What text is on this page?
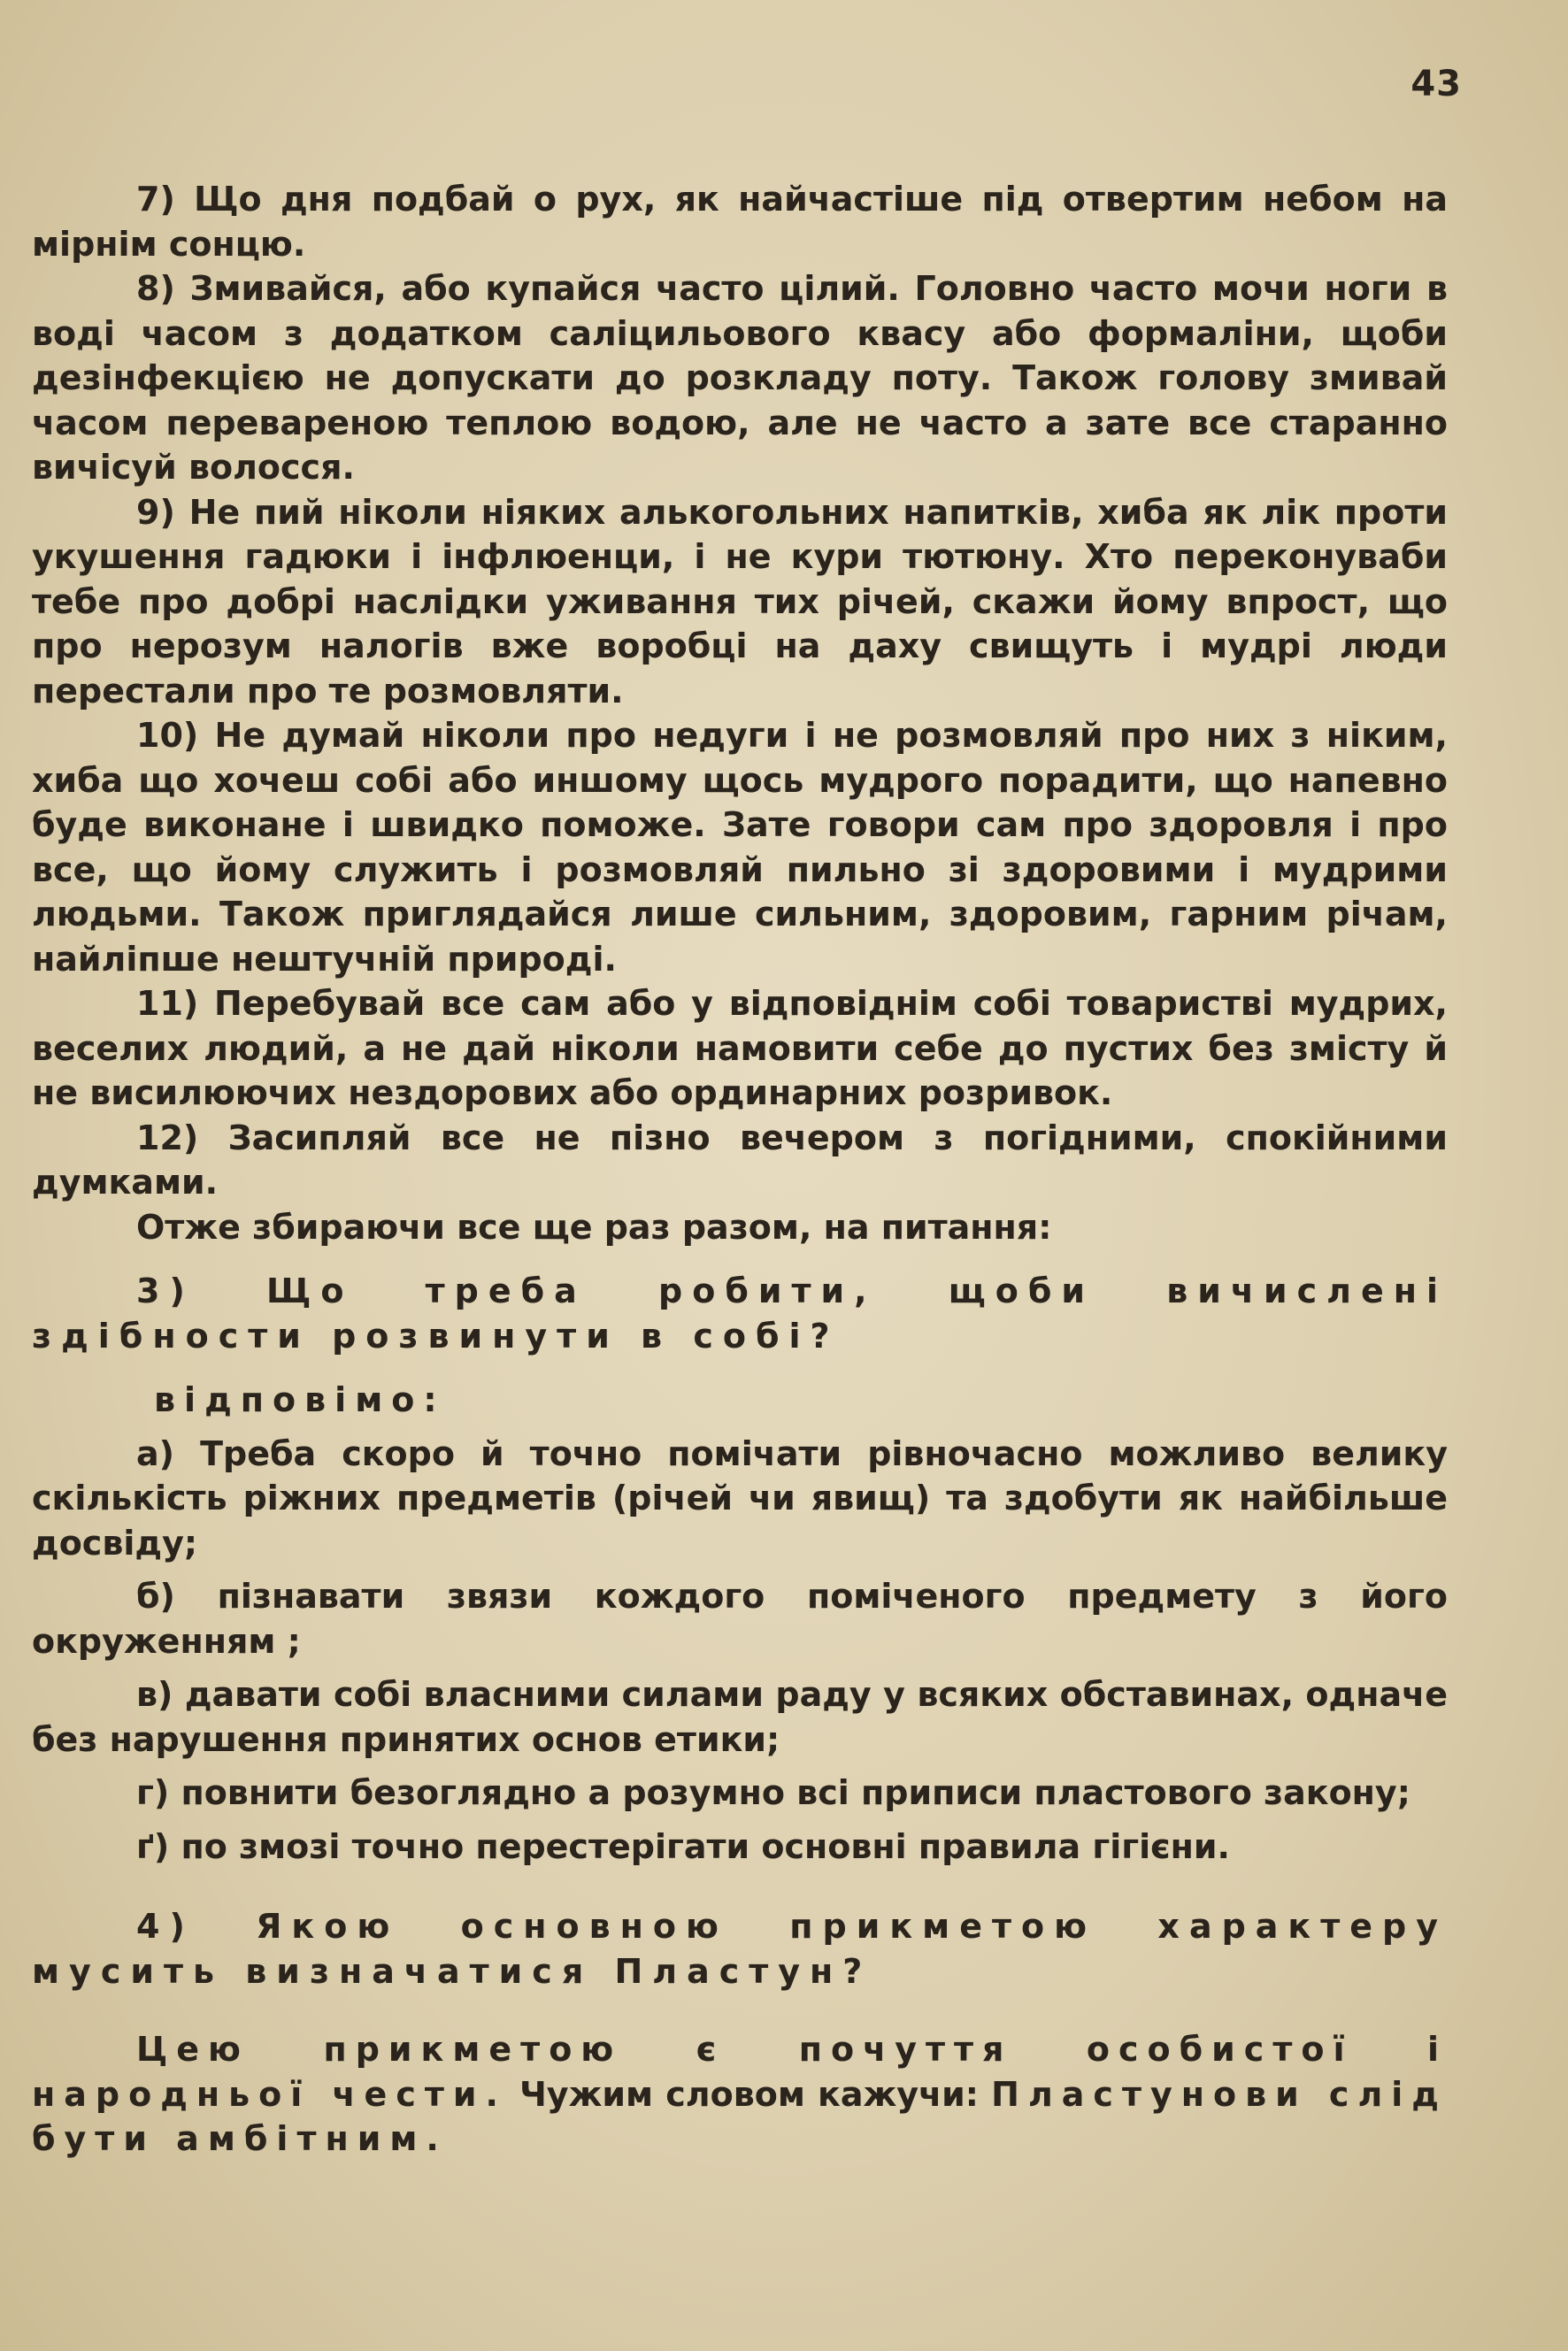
43

7) Що дня подбай о рух, як найчастіше під отвертим небом на мірнім сонцю.

8) Змивайся, або купайся часто цілий. Головно часто мочи ноги в воді часом з додатком саліцильового квасу або формаліни, щоби дезінфекцією не допускати до розкладу поту. Також голову змивай часом перевареною теплою водою, але не часто а зате все старанно вичісуй волосся.

9) Не пий ніколи ніяких алькогольних напитків, хиба як лік проти укушення гадюки і інфлюенци, і не кури тютюну. Хто переконуваби тебе про добрі наслідки уживання тих річей, скажи йому впрост, що про нерозум налогів вже воробці на даху свищуть і мудрі люди перестали про те розмовляти.

10) Не думай ніколи про недуги і не розмовляй про них з ніким, хиба що хочеш собі або иншому щось мудрого порадити, що напевно буде виконане і швидко поможе. Зате говори сам про здоровля і про все, що йому служить і розмовляй пильно зі здоровими і мудрими людьми. Також приглядайся лише сильним, здоровим, гарним річам, найліпше нештучній природі.

11) Перебувай все сам або у відповіднім собі товаристві мудрих, веселих людий, а не дай ніколи намовити себе до пустих без змісту й не висилюючих нездорових або ординарних розривок.

12) Засипляй все не пізно вечером з погідними, спокійними думками.

Отже збираючи все ще раз разом, на питання:

3) Що треба робити, щоби вичислені здібности розвинути в собі?

відповімо:

а) Треба скоро й точно помічати рівночасно можливо велику скількість ріжних предметів (річей чи явищ) та здобути як найбільше досвіду;

б) пізнавати звязи кождого поміченого предмету з його окруженням ;

в) давати собі власними силами раду у всяких обставинах, одначе без нарушення принятих основ етики;

г) повнити безоглядно а розумно всі приписи пластового закону;

ґ) по змозі точно перестерігати основні правила гігієни.

4) Якою основною прикметою характеру мусить визначатися Пластун?

Цею прикметою є почуття особистої і народньої чести. Чужим словом кажучи: Пластунови слід бути амбітним.
